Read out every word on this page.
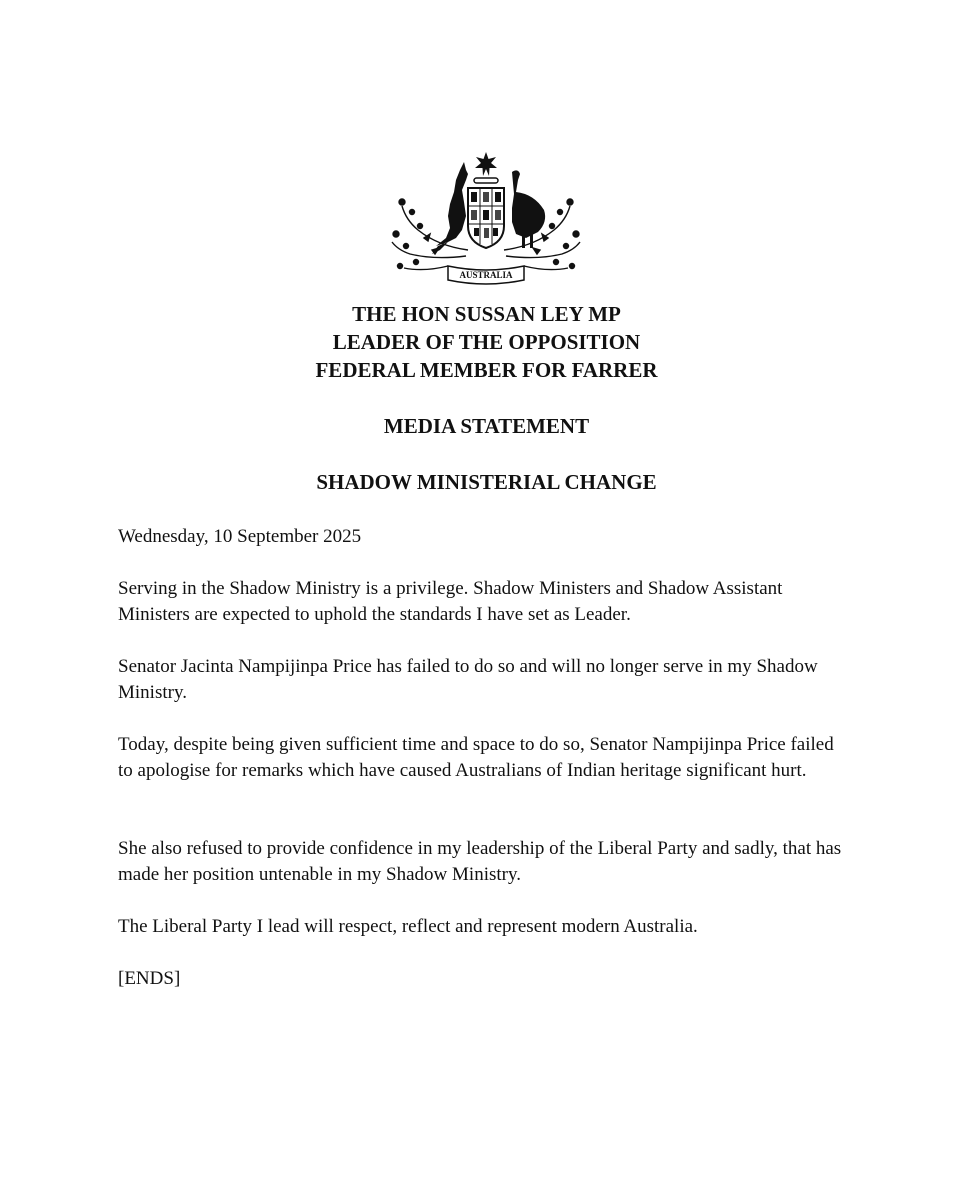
AUSTRALIA
THE HON SUSSAN LEY MP
LEADER OF THE OPPOSITION
FEDERAL MEMBER FOR FARRER
MEDIA STATEMENT
SHADOW MINISTERIAL CHANGE
Wednesday, 10 September 2025

Serving in the Shadow Ministry is a privilege. Shadow Ministers and Shadow Assistant Ministers are expected to uphold the standards I have set as Leader.

Senator Jacinta Nampijinpa Price has failed to do so and will no longer serve in my Shadow Ministry.

Today, despite being given sufficient time and space to do so, Senator Nampijinpa Price failed to apologise for remarks which have caused Australians of Indian heritage significant hurt.

She also refused to provide confidence in my leadership of the Liberal Party and sadly, that has made her position untenable in my Shadow Ministry.

The Liberal Party I lead will respect, reflect and represent modern Australia.

[ENDS]
